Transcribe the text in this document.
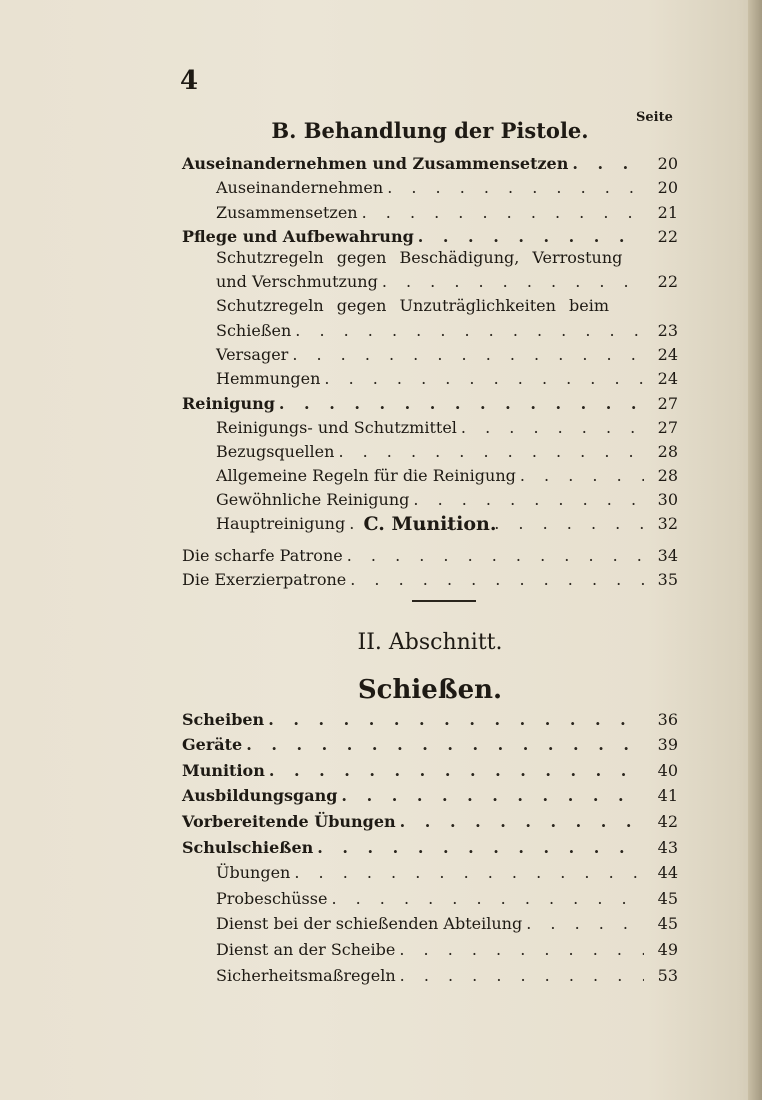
4
Seite
B. Behandlung der Pistole.
Auseinandernehmen und Zusammensetzen . . .	20
Auseinandernehmen . . .	20
Zusammensetzen . . .	21
Pflege und Aufbewahrung . . .	22
Schutzregeln gegen Beschädigung, Verrostung
und Verschmutzung . . .	22
Schutzregeln gegen Unzuträglichkeiten beim
Schießen . . .	23
Versager . . .	24
Hemmungen . . .	24
Reinigung . . .	27
Reinigungs- und Schutzmittel . . .	27
Bezugsquellen . . .	28
Allgemeine Regeln für die Reinigung . . .	28
Gewöhnliche Reinigung . . .	30
Hauptreinigung . . .	32
C. Munition.
Die scharfe Patrone . . .	34
Die Exerzierpatrone . . .	35
II. Abschnitt.
Schießen.
Scheiben . . .	36
Geräte . . .	39
Munition . . .	40
Ausbildungsgang . . .	41
Vorbereitende Übungen . . .	42
Schulschießen . . .	43
Übungen . . .	44
Probeschüsse . . .	45
Dienst bei der schießenden Abteilung . . .	45
Dienst an der Scheibe . . .	49
Sicherheitsmaßregeln . . .	53
